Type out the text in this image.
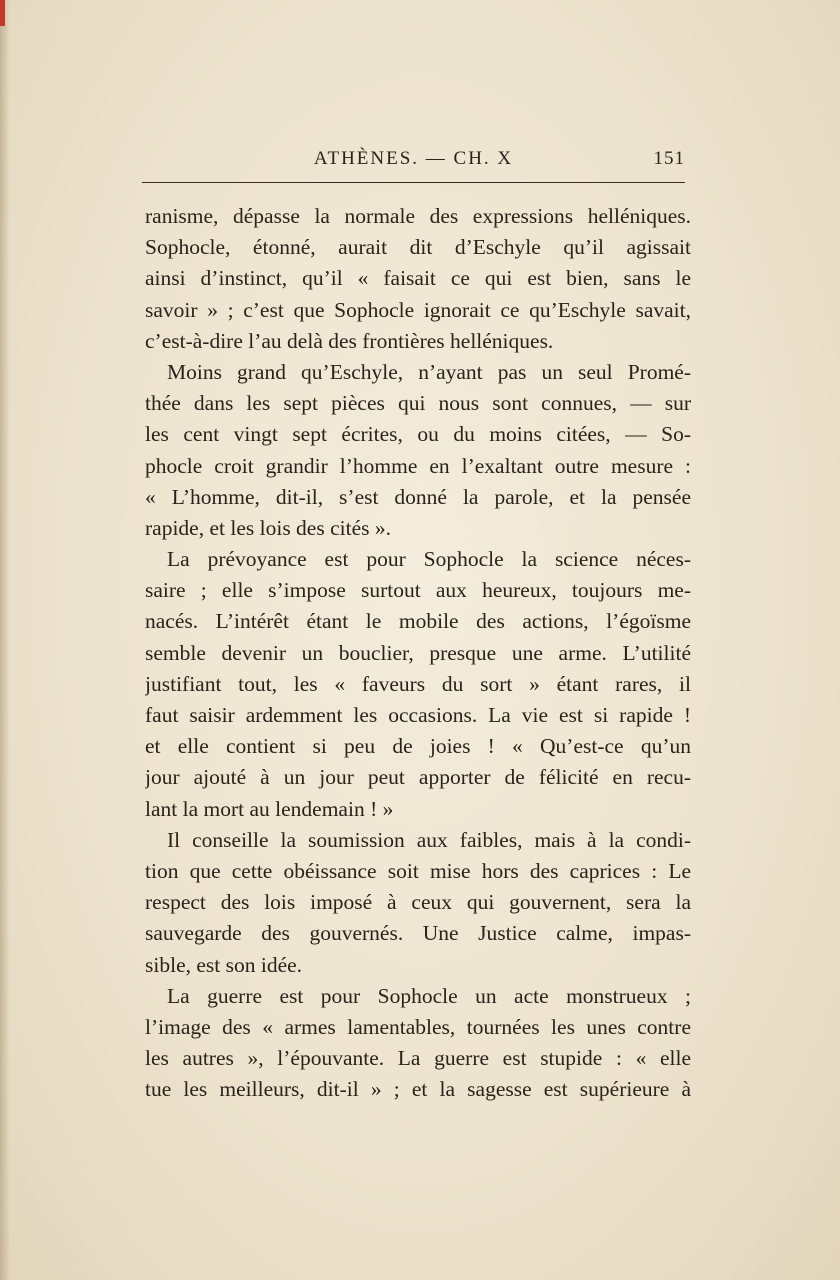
ATHÈNES. — CH. X	151
ranisme, dépasse la normale des expressions helléniques.
Sophocle, étonné, aurait dit d’Eschyle qu’il agissait
ainsi d’instinct, qu’il « faisait ce qui est bien, sans le
savoir » ; c’est que Sophocle ignorait ce qu’Eschyle savait,
c’est-à-dire l’au delà des frontières helléniques.
Moins grand qu’Eschyle, n’ayant pas un seul Promé-
thée dans les sept pièces qui nous sont connues, — sur
les cent vingt sept écrites, ou du moins citées, — So-
phocle croit grandir l’homme en l’exaltant outre mesure :
« L’homme, dit-il, s’est donné la parole, et la pensée
rapide, et les lois des cités ».
La prévoyance est pour Sophocle la science néces-
saire ; elle s’impose surtout aux heureux, toujours me-
nacés. L’intérêt étant le mobile des actions, l’égoïsme
semble devenir un bouclier, presque une arme. L’utilité
justifiant tout, les « faveurs du sort » étant rares, il
faut saisir ardemment les occasions. La vie est si rapide !
et elle contient si peu de joies ! « Qu’est-ce qu’un
jour ajouté à un jour peut apporter de félicité en recu-
lant la mort au lendemain ! »
Il conseille la soumission aux faibles, mais à la condi-
tion que cette obéissance soit mise hors des caprices : Le
respect des lois imposé à ceux qui gouvernent, sera la
sauvegarde des gouvernés. Une Justice calme, impas-
sible, est son idée.
La guerre est pour Sophocle un acte monstrueux ;
l’image des « armes lamentables, tournées les unes contre
les autres », l’épouvante. La guerre est stupide : « elle
tue les meilleurs, dit-il » ; et la sagesse est supérieure à
